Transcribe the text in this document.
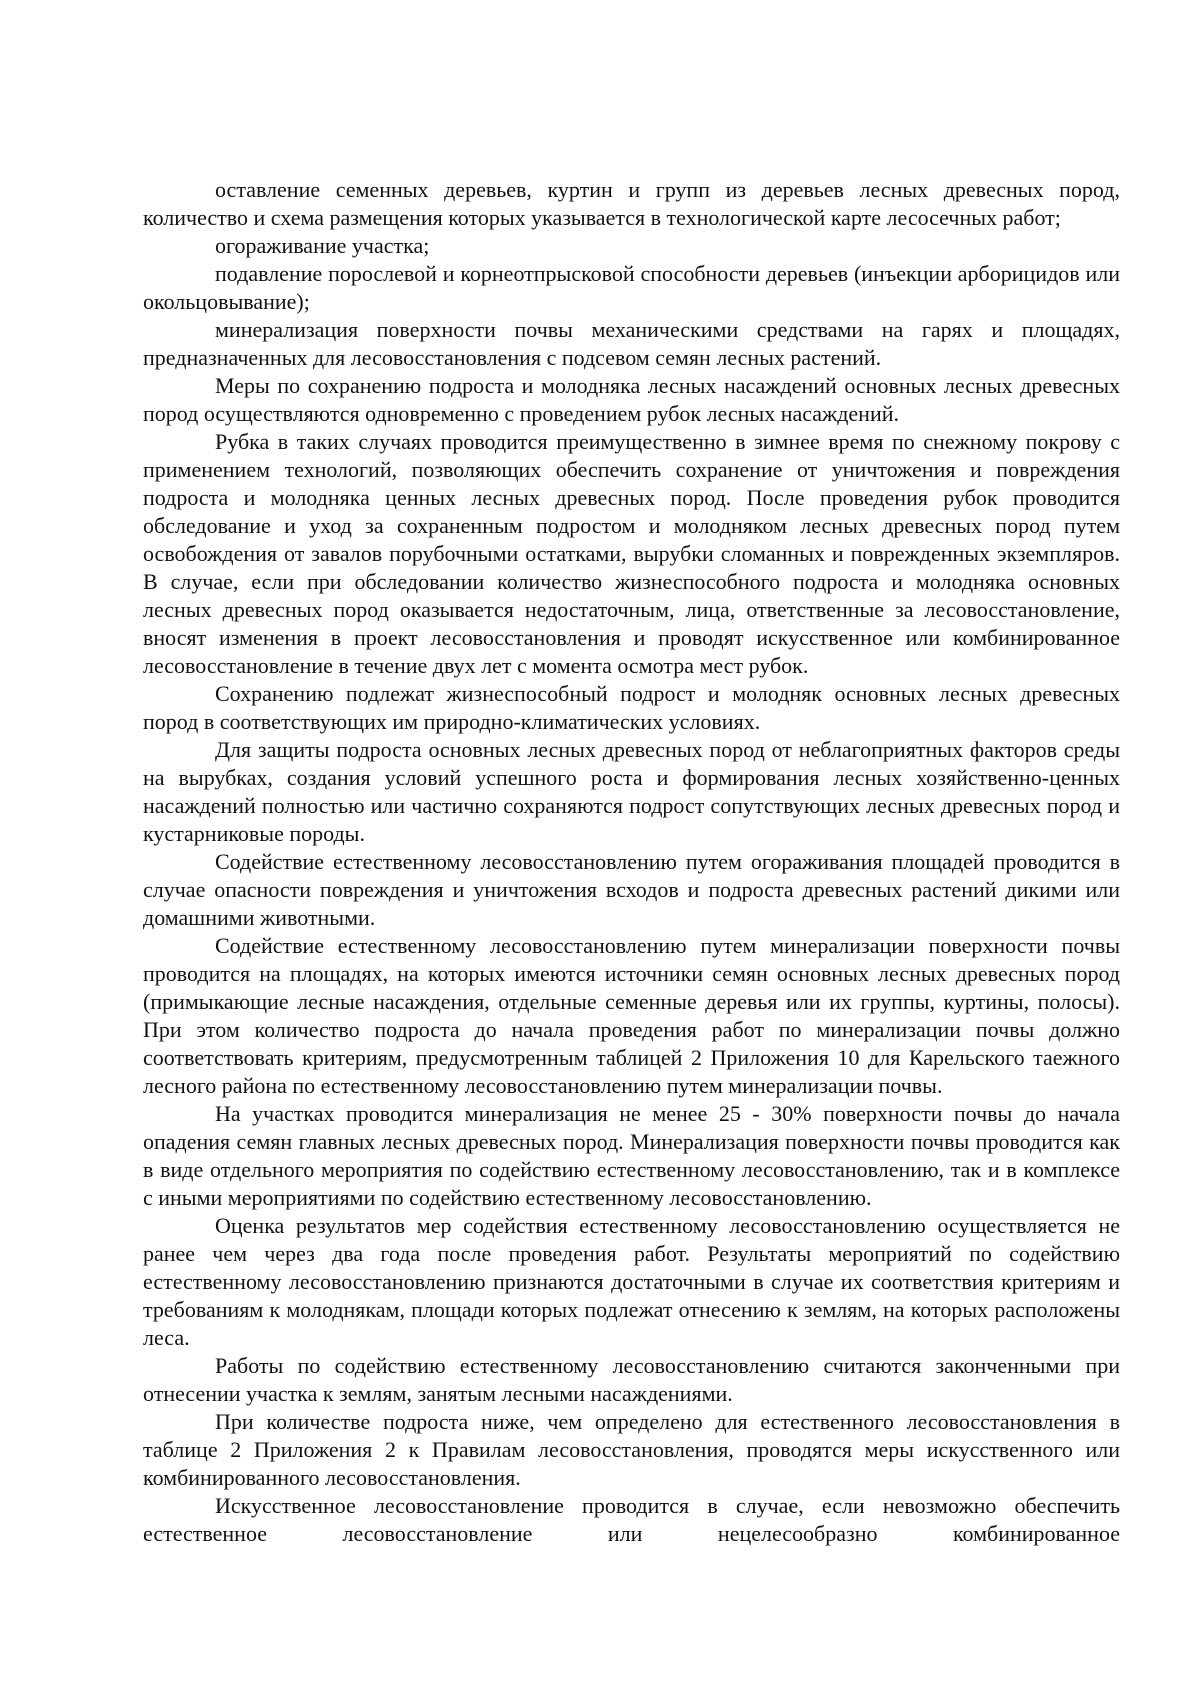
оставление семенных деревьев, куртин и групп из деревьев лесных древесных пород, количество и схема размещения которых указывается в технологической карте лесосечных работ;

огораживание участка;

подавление порослевой и корнеотпрысковой способности деревьев (инъекции арборицидов или окольцовывание);

минерализация поверхности почвы механическими средствами на гарях и площадях, предназначенных для лесовосстановления с подсевом семян лесных растений.

Меры по сохранению подроста и молодняка лесных насаждений основных лесных древесных пород осуществляются одновременно с проведением рубок лесных насаждений.

Рубка в таких случаях проводится преимущественно в зимнее время по снежному покрову с применением технологий, позволяющих обеспечить сохранение от уничтожения и повреждения подроста и молодняка ценных лесных древесных пород. После проведения рубок проводится обследование и уход за сохраненным подростом и молодняком лесных древесных пород путем освобождения от завалов порубочными остатками, вырубки сломанных и поврежденных экземпляров. В случае, если при обследовании количество жизнеспособного подроста и молодняка основных лесных древесных пород оказывается недостаточным, лица, ответственные за лесовосстановление, вносят изменения в проект лесовосстановления и проводят искусственное или комбинированное лесовосстановление в течение двух лет с момента осмотра мест рубок.

Сохранению подлежат жизнеспособный подрост и молодняк основных лесных древесных пород в соответствующих им природно-климатических условиях.

Для защиты подроста основных лесных древесных пород от неблагоприятных факторов среды на вырубках, создания условий успешного роста и формирования лесных хозяйственно-ценных насаждений полностью или частично сохраняются подрост сопутствующих лесных древесных пород и кустарниковые породы.

Содействие естественному лесовосстановлению путем огораживания площадей проводится в случае опасности повреждения и уничтожения всходов и подроста древесных растений дикими или домашними животными.

Содействие естественному лесовосстановлению путем минерализации поверхности почвы проводится на площадях, на которых имеются источники семян основных лесных древесных пород (примыкающие лесные насаждения, отдельные семенные деревья или их группы, куртины, полосы). При этом количество подроста до начала проведения работ по минерализации почвы должно соответствовать критериям, предусмотренным таблицей 2 Приложения 10 для Карельского таежного лесного района по естественному лесовосстановлению путем минерализации почвы.

На участках проводится минерализация не менее 25 - 30% поверхности почвы до начала опадения семян главных лесных древесных пород. Минерализация поверхности почвы проводится как в виде отдельного мероприятия по содействию естественному лесовосстановлению, так и в комплексе с иными мероприятиями по содействию естественному лесовосстановлению.

Оценка результатов мер содействия естественному лесовосстановлению осуществляется не ранее чем через два года после проведения работ. Результаты мероприятий по содействию естественному лесовосстановлению признаются достаточными в случае их соответствия критериям и требованиям к молоднякам, площади которых подлежат отнесению к землям, на которых расположены леса.

Работы по содействию естественному лесовосстановлению считаются законченными при отнесении участка к землям, занятым лесными насаждениями.

При количестве подроста ниже, чем определено для естественного лесовосстановления в таблице 2 Приложения 2 к Правилам лесовосстановления, проводятся меры искусственного или комбинированного лесовосстановления.

Искусственное лесовосстановление проводится в случае, если невозможно обеспечить естественное лесовосстановление или нецелесообразно комбинированное
